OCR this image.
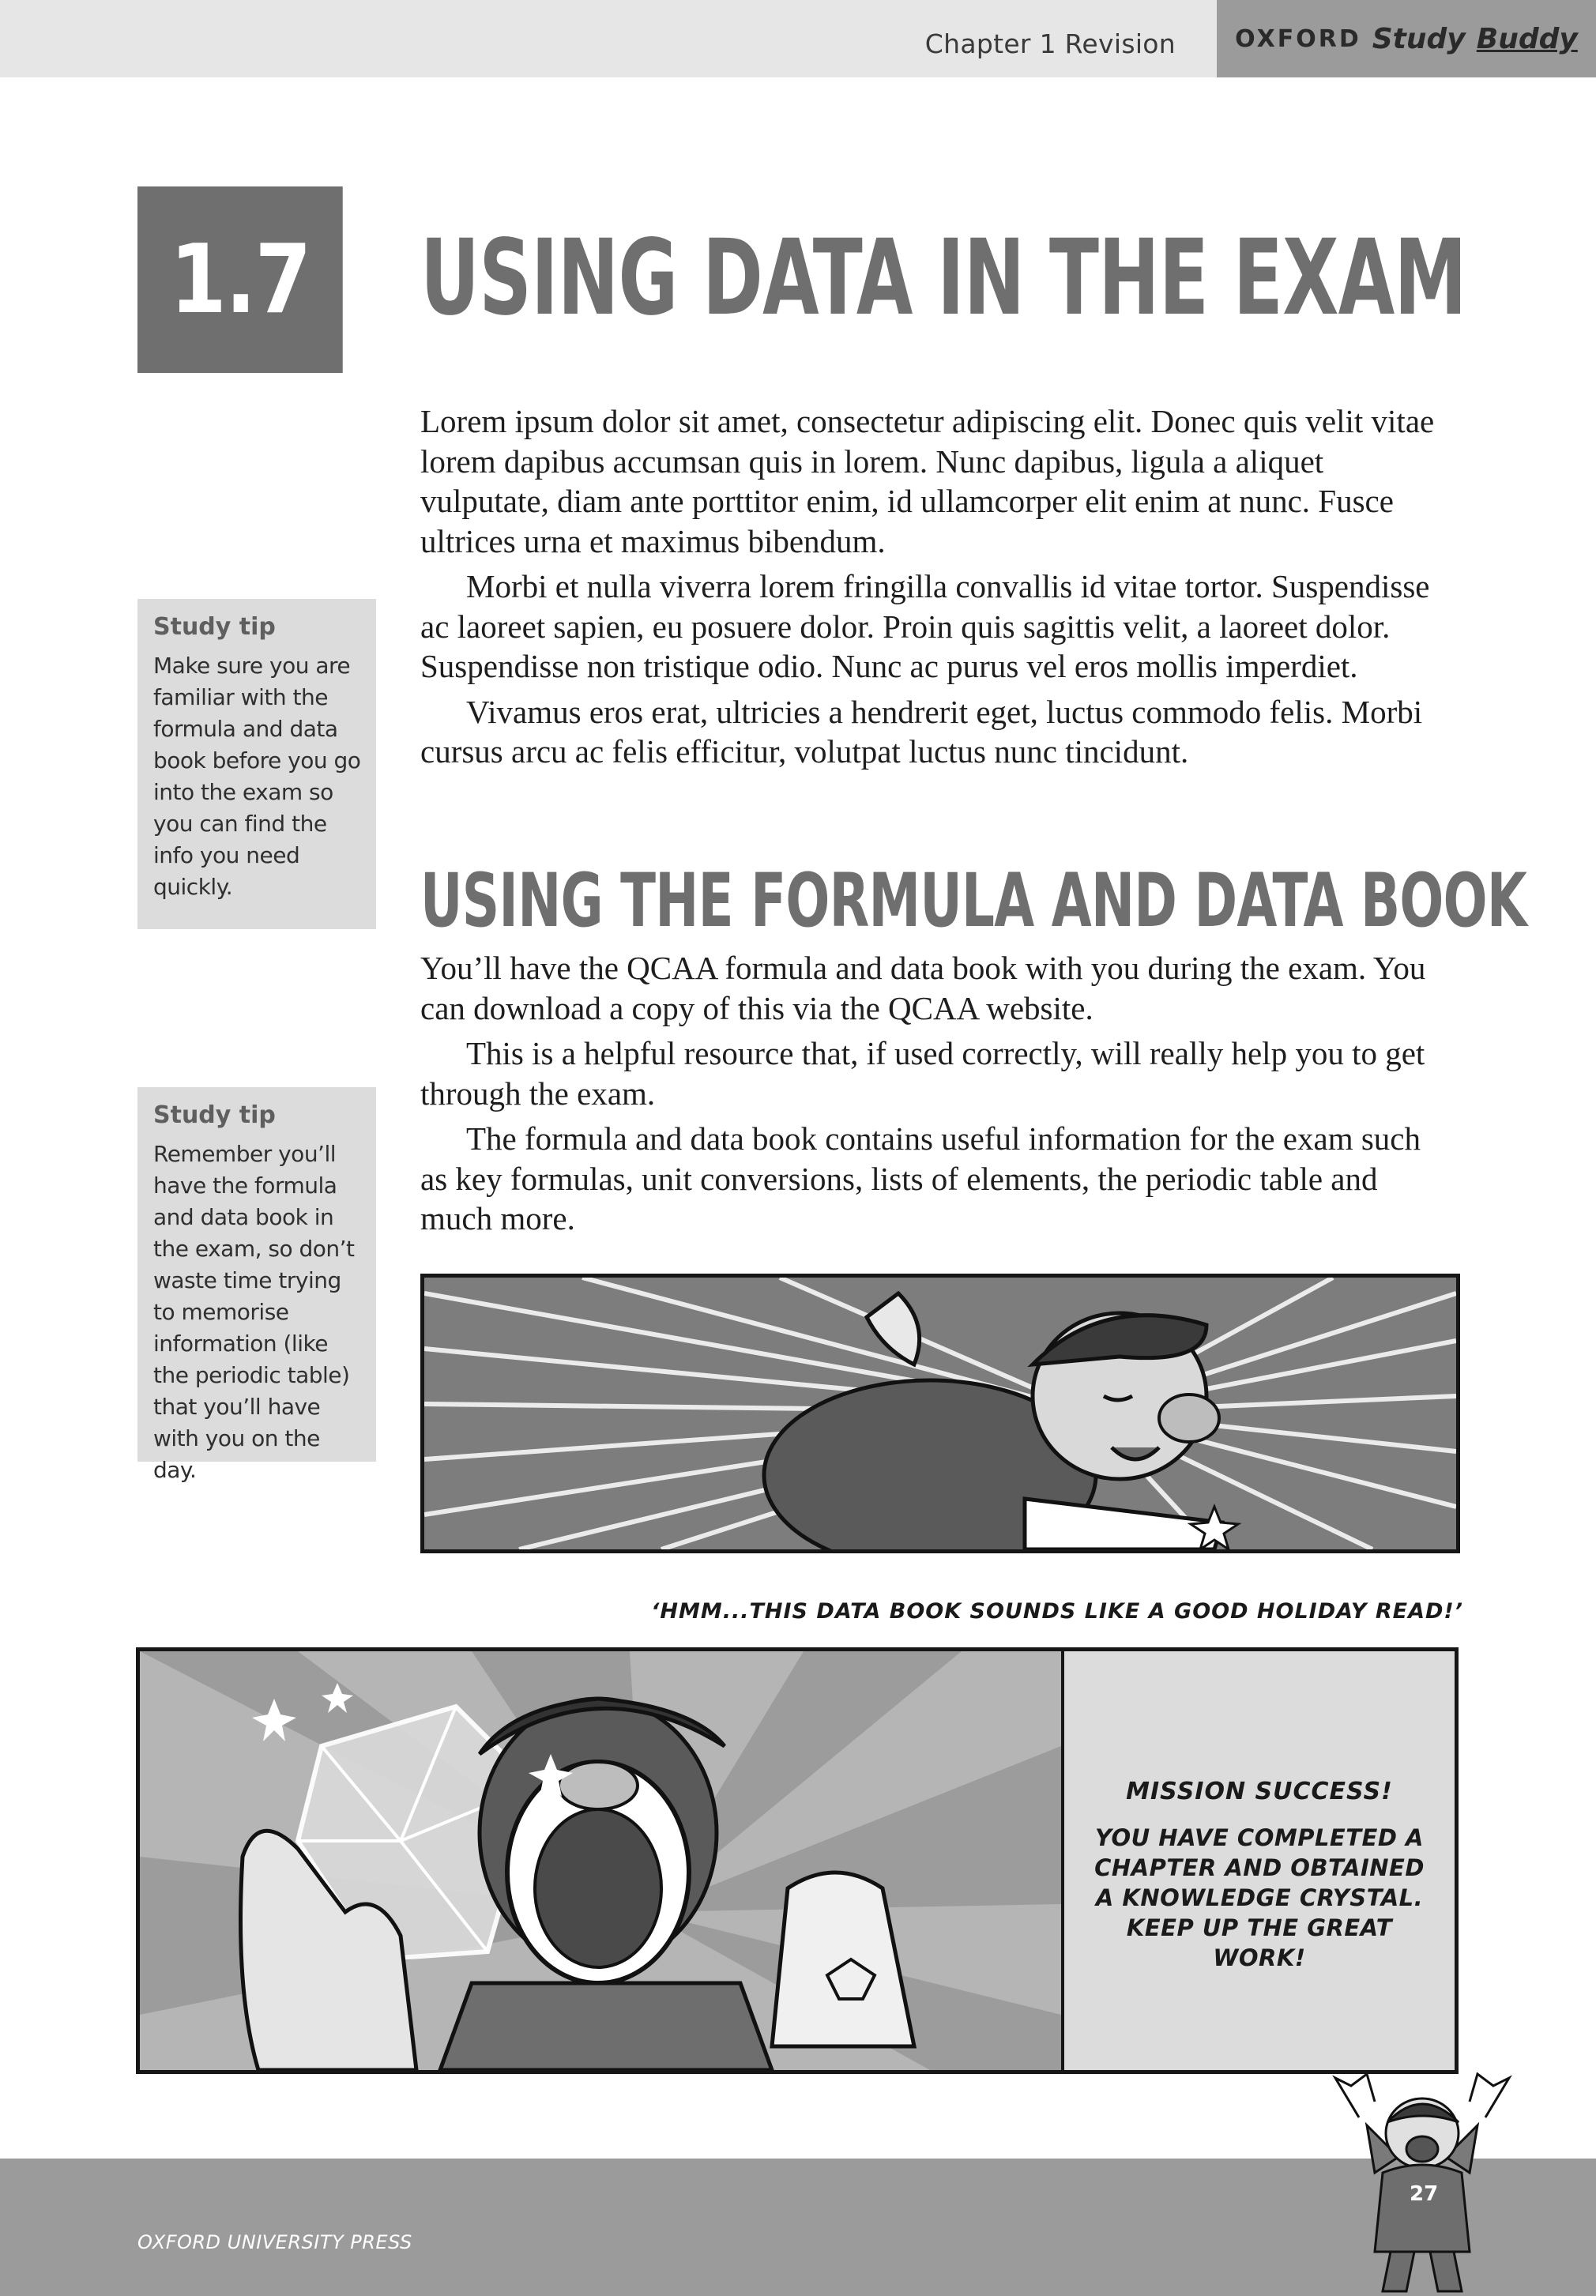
Chapter 1 Revision	OXFORD Study Buddy
1.7 USING DATA IN THE EXAM

Lorem ipsum dolor sit amet, consectetur adipiscing elit. Donec quis velit vitae lorem dapibus accumsan quis in lorem. Nunc dapibus, ligula a aliquet vulputate, diam ante porttitor enim, id ullamcorper elit enim at nunc. Fusce ultrices urna et maximus bibendum.

Morbi et nulla viverra lorem fringilla convallis id vitae tortor. Suspendisse ac laoreet sapien, eu posuere dolor. Proin quis sagittis velit, a laoreet dolor. Suspendisse non tristique odio. Nunc ac purus vel eros mollis imperdiet.

Vivamus eros erat, ultricies a hendrerit eget, luctus commodo felis. Morbi cursus arcu ac felis efficitur, volutpat luctus nunc tincidunt.

USING THE FORMULA AND DATA BOOK

You’ll have the QCAA formula and data book with you during the exam. You can download a copy of this via the QCAA website.

This is a helpful resource that, if used correctly, will really help you to get through the exam.

The formula and data book contains useful information for the exam such as key formulas, unit conversions, lists of elements, the periodic table and much more.

Study tip
Make sure you are familiar with the formula and data book before you go into the exam so you can find the info you need quickly.
Study tip
Remember you’ll have the formula and data book in the exam, so don’t waste time trying to memorise information (like the periodic table) that you’ll have with you on the day.
‘HMM...THIS DATA BOOK SOUNDS LIKE A GOOD HOLIDAY READ!’
MISSION SUCCESS!
YOU HAVE COMPLETED A CHAPTER AND OBTAINED A KNOWLEDGE CRYSTAL. KEEP UP THE GREAT WORK!
OXFORD UNIVERSITY PRESS
27
